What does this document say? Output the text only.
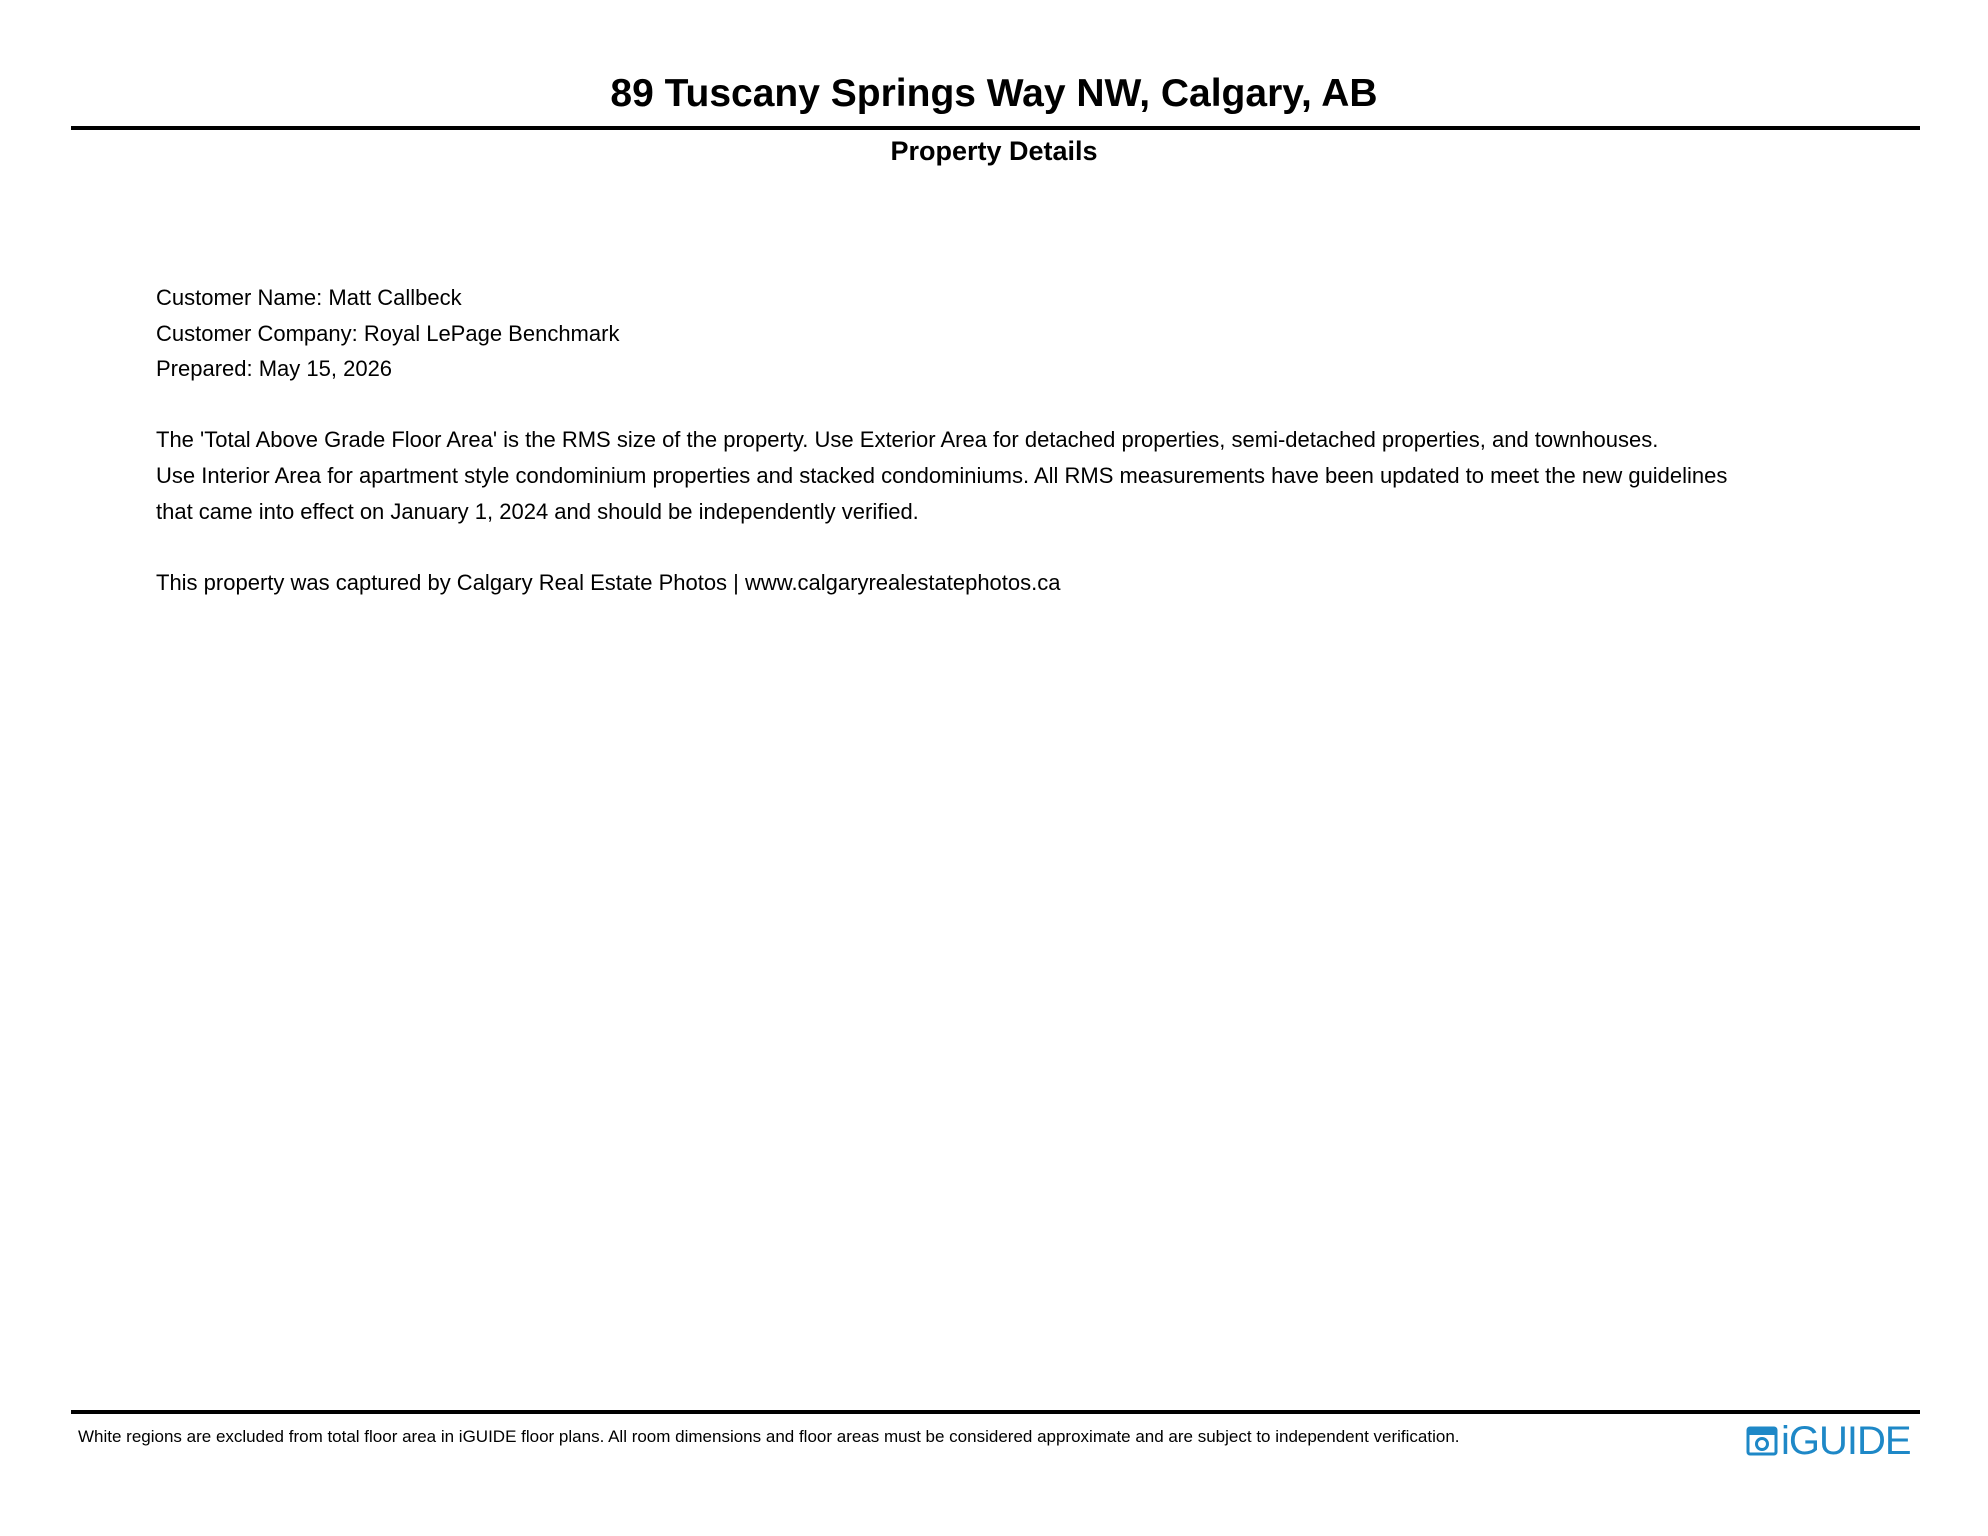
89 Tuscany Springs Way NW, Calgary, AB
Property Details

Customer Name: Matt Callbeck

Customer Company: Royal LePage Benchmark

Prepared: May 15, 2026

The 'Total Above Grade Floor Area' is the RMS size of the property. Use Exterior Area for detached properties, semi-detached properties, and townhouses.

Use Interior Area for apartment style condominium properties and stacked condominiums. All RMS measurements have been updated to meet the new guidelines

that came into effect on January 1, 2024 and should be independently verified.

This property was captured by Calgary Real Estate Photos | www.calgaryrealestatephotos.ca

White regions are excluded from total floor area in iGUIDE floor plans. All room dimensions and floor areas must be considered approximate and are subject to independent verification.	iGUIDE
